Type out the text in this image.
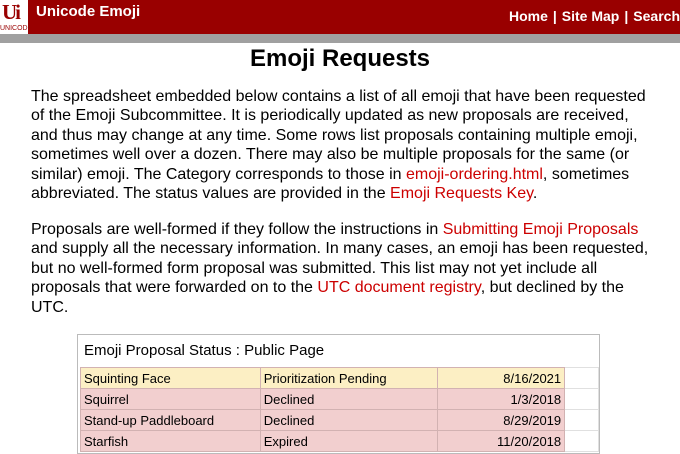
Ui
UNICODE
Unicode Emoji	Home | Site Map | Search
Emoji Requests

The spreadsheet embedded below contains a list of all emoji that have been requested of the Emoji Subcommittee. It is periodically updated as new proposals are received, and thus may change at any time. Some rows list proposals containing multiple emoji, sometimes well over a dozen. There may also be multiple proposals for the same (or similar) emoji. The Category corresponds to those in emoji-ordering.html, sometimes abbreviated. The status values are provided in the Emoji Requests Key.

Proposals are well-formed if they follow the instructions in Submitting Emoji Proposals and supply all the necessary information. In many cases, an emoji has been requested, but no well-formed form proposal was submitted. This list may not yet include all proposals that were forwarded on to the UTC document registry, but declined by the UTC.

Emoji Proposal Status : Public Page
Squinting Face	Prioritization Pending	8/16/2021	
Squirrel	Declined	1/3/2018	
Stand-up Paddleboard	Declined	8/29/2019	
Starfish	Expired	11/20/2018	
